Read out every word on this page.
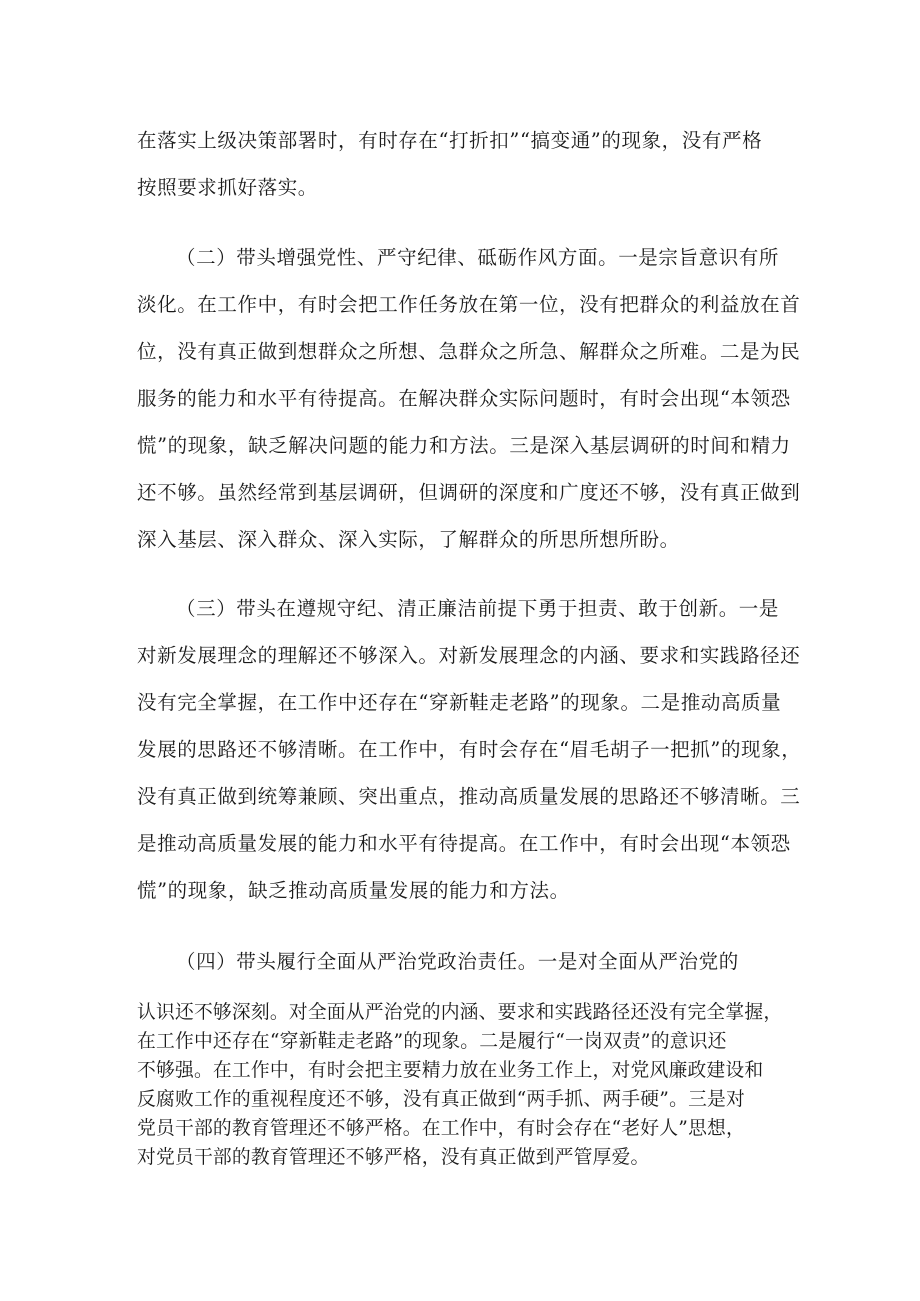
在落实上级决策部署时，有时存在“打折扣”“搞变通”的现象，没有严格

按照要求抓好落实。

（二）带头增强党性、严守纪律、砥砺作风方面。一是宗旨意识有所

淡化。在工作中，有时会把工作任务放在第一位，没有把群众的利益放在首

位，没有真正做到想群众之所想、急群众之所急、解群众之所难。二是为民

服务的能力和水平有待提高。在解决群众实际问题时，有时会出现“本领恐

慌”的现象，缺乏解决问题的能力和方法。三是深入基层调研的时间和精力

还不够。虽然经常到基层调研，但调研的深度和广度还不够，没有真正做到

深入基层、深入群众、深入实际，了解群众的所思所想所盼。

（三）带头在遵规守纪、清正廉洁前提下勇于担责、敢于创新。一是

对新发展理念的理解还不够深入。对新发展理念的内涵、要求和实践路径还

没有完全掌握，在工作中还存在“穿新鞋走老路”的现象。二是推动高质量

发展的思路还不够清晰。在工作中，有时会存在“眉毛胡子一把抓”的现象，

没有真正做到统筹兼顾、突出重点，推动高质量发展的思路还不够清晰。三

是推动高质量发展的能力和水平有待提高。在工作中，有时会出现“本领恐

慌”的现象，缺乏推动高质量发展的能力和方法。

（四）带头履行全面从严治党政治责任。一是对全面从严治党的

认识还不够深刻。对全面从严治党的内涵、要求和实践路径还没有完全掌握，

在工作中还存在“穿新鞋走老路”的现象。二是履行“一岗双责”的意识还

不够强。在工作中，有时会把主要精力放在业务工作上，对党风廉政建设和

反腐败工作的重视程度还不够，没有真正做到“两手抓、两手硬”。三是对

党员干部的教育管理还不够严格。在工作中，有时会存在“老好人”思想，

对党员干部的教育管理还不够严格，没有真正做到严管厚爱。
